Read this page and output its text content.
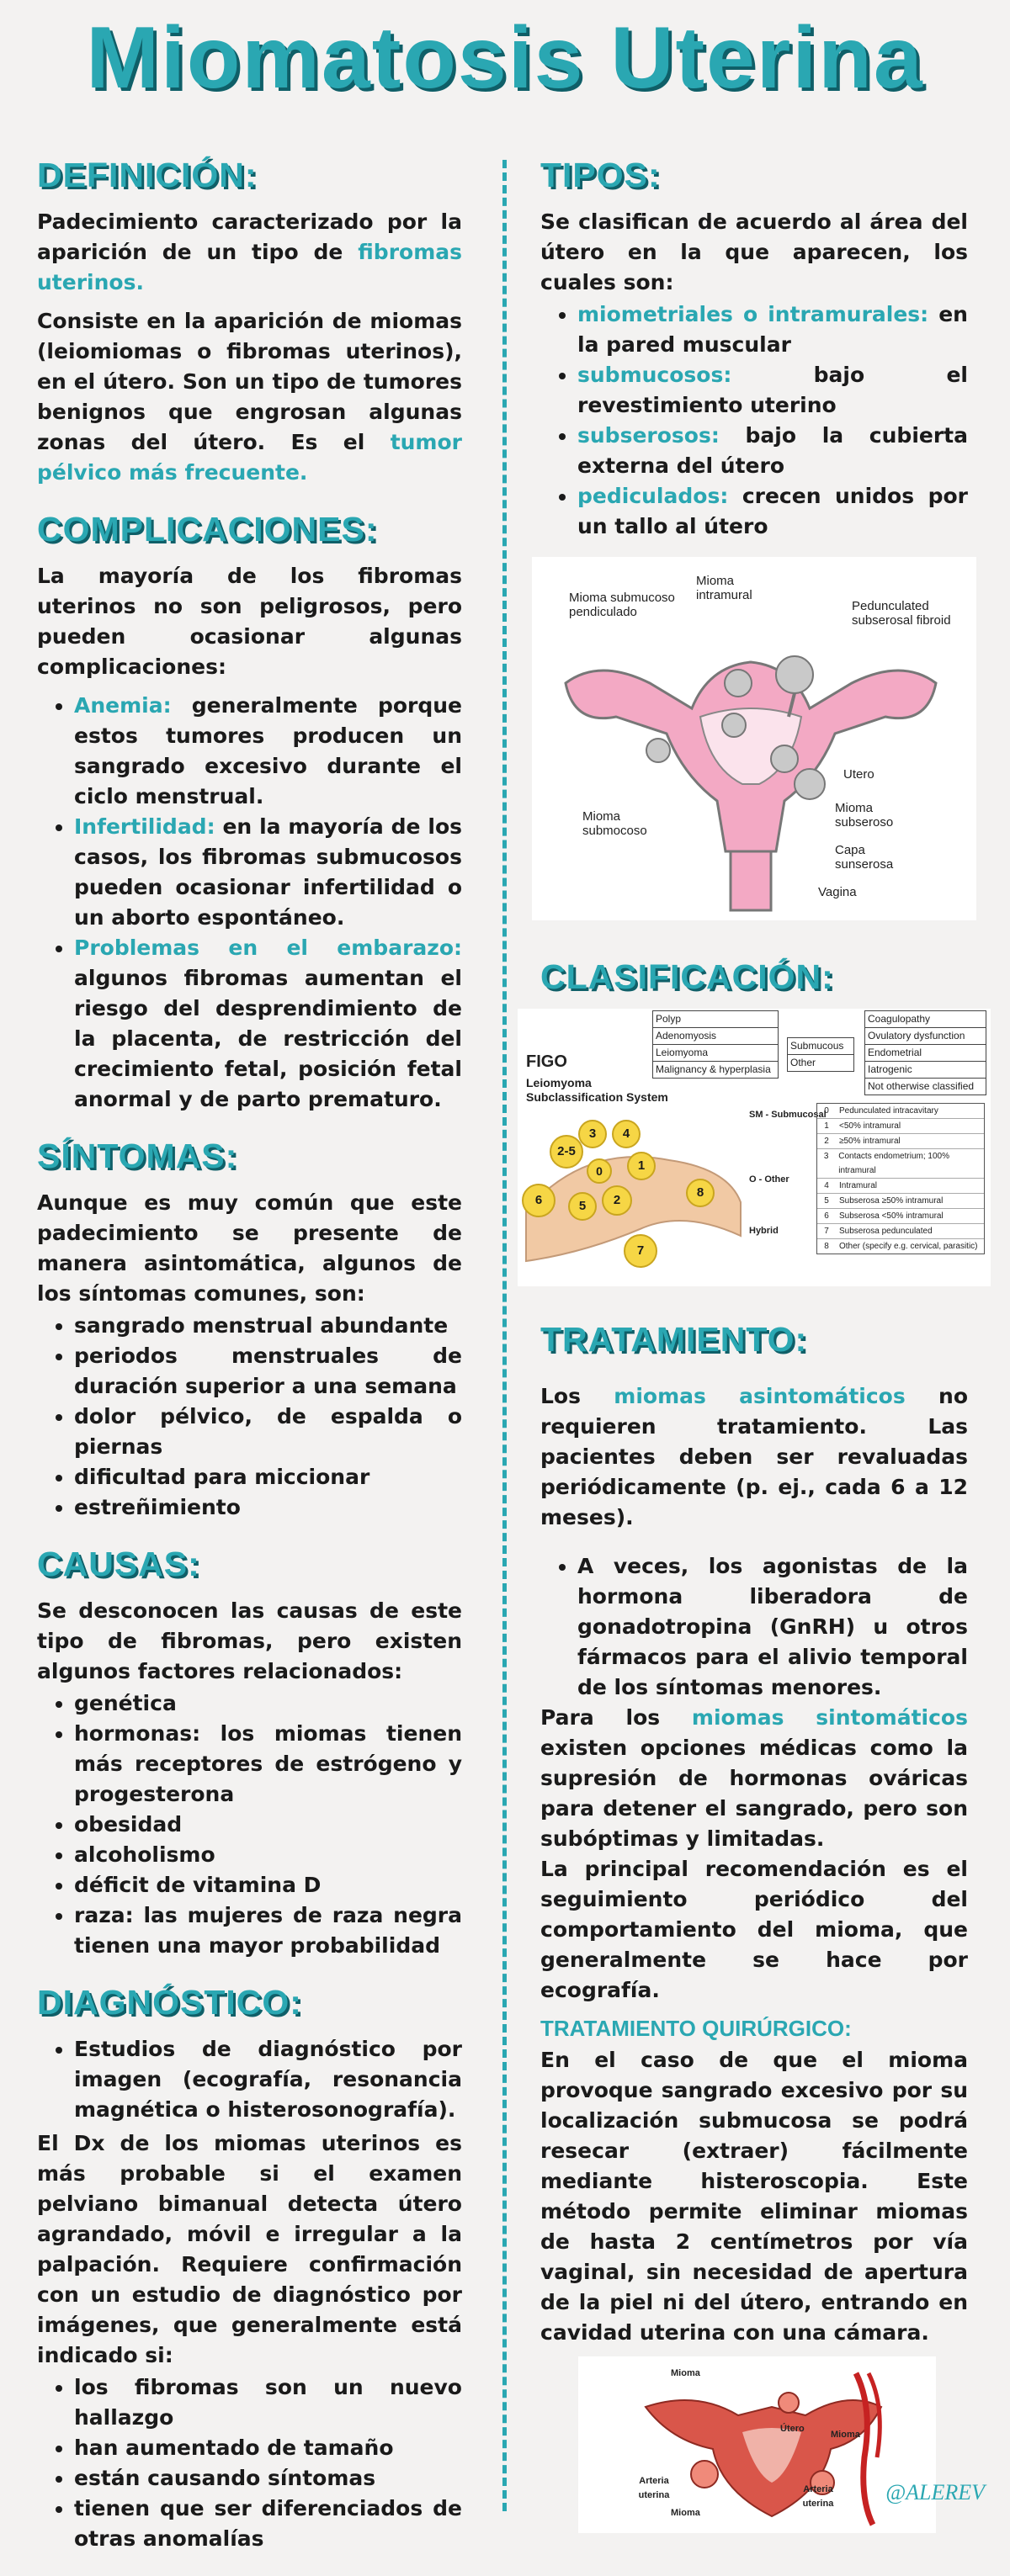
Miomatosis Uterina
DEFINICIÓN:

Padecimiento caracterizado por la aparición de un tipo de fibromas uterinos.

Consiste en la aparición de miomas (leiomiomas o fibromas uterinos), en el útero. Son un tipo de tumores benignos que engrosan algunas zonas del útero. Es el tumor pélvico más frecuente.

COMPLICACIONES:

La mayoría de los fibromas uterinos no son peligrosos, pero pueden ocasionar algunas complicaciones:

• Anemia: generalmente porque estos tumores producen un sangrado excesivo durante el ciclo menstrual.
• Infertilidad: en la mayoría de los casos, los fibromas submucosos pueden ocasionar infertilidad o un aborto espontáneo.
• Problemas en el embarazo: algunos fibromas aumentan el riesgo del desprendimiento de la placenta, de restricción del crecimiento fetal, posición fetal anormal y de parto prematuro.
SÍNTOMAS:

Aunque es muy común que este padecimiento se presente de manera asintomática, algunos de los síntomas comunes, son:

• sangrado menstrual abundante
• periodos menstruales de duración superior a una semana
• dolor pélvico, de espalda o piernas
• dificultad para miccionar
• estreñimiento
CAUSAS:

Se desconocen las causas de este tipo de fibromas, pero existen algunos factores relacionados:

• genética
• hormonas: los miomas tienen más receptores de estrógeno y progesterona
• obesidad
• alcoholismo
• déficit de vitamina D
• raza: las mujeres de raza negra tienen una mayor probabilidad
DIAGNÓSTICO:
• Estudios de diagnóstico por imagen (ecografía, resonancia magnética o histerosonografía).

El Dx de los miomas uterinos es más probable si el examen pelviano bimanual detecta útero agrandado, móvil e irregular a la palpación. Requiere confirmación con un estudio de diagnóstico por imágenes, que generalmente está indicado si:

• los fibromas son un nuevo hallazgo
• han aumentado de tamaño
• están causando síntomas
• tienen que ser diferenciados de otras anomalías
TIPOS:

Se clasifican de acuerdo al área del útero en la que aparecen, los cuales son:

• miometriales o intramurales: en la pared muscular
• submucosos: bajo el revestimiento uterino
• subserosos: bajo la cubierta externa del útero
• pediculados: crecen unidos por un tallo al útero
Mioma submucoso pendiculado
Mioma intramural
Pedunculated subserosal fibroid
Utero
Mioma subseroso
Mioma submocoso
Capa sunserosa
Vagina
CLASIFICACIÓN:
FIGO
Leiomyoma Subclassification System
Polyp
Adenomyosis
Leiomyoma
Malignancy & hyperplasia
Submucous
Other
Coagulopathy
Ovulatory dysfunction
Endometrial
Iatrogenic
Not otherwise classified
SM - Submucosal
O - Other
Hybrid
0	Pedunculated intracavitary
1	<50% intramural
2	≥50% intramural
3	Contacts endometrium; 100% intramural
4	Intramural
5	Subserosa ≥50% intramural
6	Subserosa <50% intramural
7	Subserosa pedunculated
8	Other (specify e.g. cervical, parasitic)
3	4
2-5
0	1
6	5	2
8
7
TRATAMIENTO:

Los miomas asintomáticos no requieren tratamiento. Las pacientes deben ser revaluadas periódicamente (p. ej., cada 6 a 12 meses).

• A veces, los agonistas de la hormona liberadora de gonadotropina (GnRH) u otros fármacos para el alivio temporal de los síntomas menores.

Para los miomas sintomáticos existen opciones médicas como la supresión de hormonas ováricas para detener el sangrado, pero son subóptimas y limitadas.

La principal recomendación es el seguimiento periódico del comportamiento del mioma, que generalmente se hace por ecografía.

TRATAMIENTO QUIRÚRGICO:

En el caso de que el mioma provoque sangrado excesivo por su localización submucosa se podrá resecar (extraer) fácilmente mediante histeroscopia. Este método permite eliminar miomas de hasta 2 centímetros por vía vaginal, sin necesidad de apertura de la piel ni del útero, entrando en cavidad uterina con una cámara.

Mioma
Útero
Mioma
Arteria uterina
Mioma
Arteria uterina	@ALEREV
